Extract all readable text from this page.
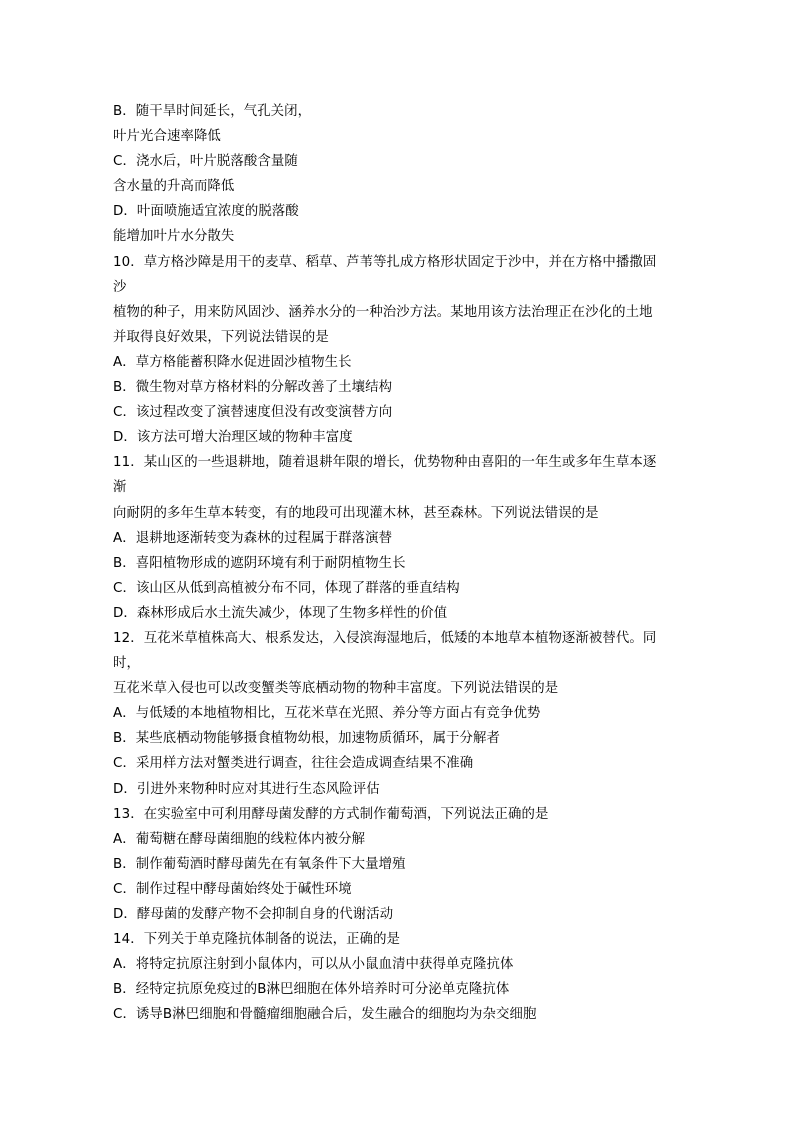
B．随干旱时间延长，气孔关闭，
叶片光合速率降低
C．浇水后，叶片脱落酸含量随
含水量的升高而降低
D．叶面喷施适宜浓度的脱落酸
能增加叶片水分散失
10．草方格沙障是用干的麦草、稻草、芦苇等扎成方格形状固定于沙中，并在方格中播撒固
沙
植物的种子，用来防风固沙、涵养水分的一种治沙方法。某地用该方法治理正在沙化的土地
并取得良好效果，下列说法错误的是
A．草方格能蓄积降水促进固沙植物生长
B．微生物对草方格材料的分解改善了土壤结构
C．该过程改变了演替速度但没有改变演替方向
D．该方法可增大治理区域的物种丰富度
11．某山区的一些退耕地，随着退耕年限的增长，优势物种由喜阳的一年生或多年生草本逐
渐
向耐阴的多年生草本转变，有的地段可出现灌木林，甚至森林。下列说法错误的是
A．退耕地逐渐转变为森林的过程属于群落演替
B．喜阳植物形成的遮阴环境有利于耐阴植物生长
C．该山区从低到高植被分布不同，体现了群落的垂直结构
D．森林形成后水土流失减少，体现了生物多样性的价值
12．互花米草植株高大、根系发达，入侵滨海湿地后，低矮的本地草本植物逐渐被替代。同
时，
互花米草入侵也可以改变蟹类等底栖动物的物种丰富度。下列说法错误的是
A．与低矮的本地植物相比，互花米草在光照、养分等方面占有竞争优势
B．某些底栖动物能够摄食植物幼根，加速物质循环，属于分解者
C．采用样方法对蟹类进行调查，往往会造成调查结果不准确
D．引进外来物种时应对其进行生态风险评估
13．在实验室中可利用酵母菌发酵的方式制作葡萄酒，下列说法正确的是
A．葡萄糖在酵母菌细胞的线粒体内被分解
B．制作葡萄酒时酵母菌先在有氧条件下大量增殖
C．制作过程中酵母菌始终处于碱性环境
D．酵母菌的发酵产物不会抑制自身的代谢活动
14．下列关于单克隆抗体制备的说法，正确的是
A．将特定抗原注射到小鼠体内，可以从小鼠血清中获得单克隆抗体
B．经特定抗原免疫过的B淋巴细胞在体外培养时可分泌单克隆抗体
C．诱导B淋巴细胞和骨髓瘤细胞融合后，发生融合的细胞均为杂交细胞
